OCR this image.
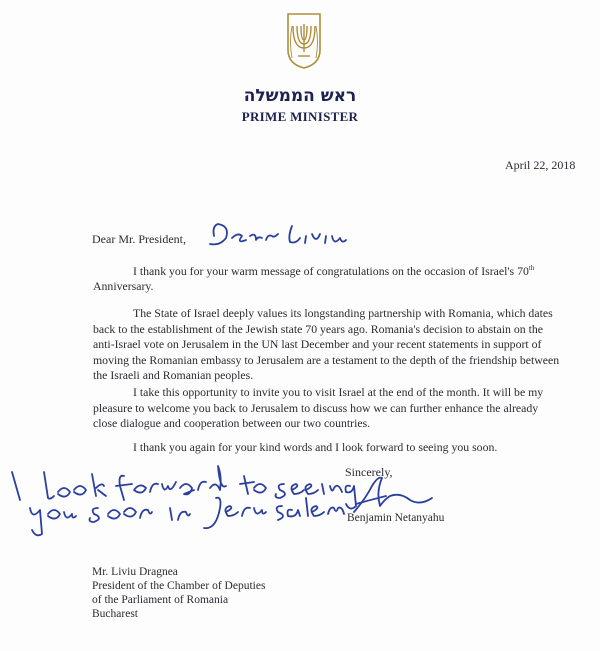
ראש הממשלה
PRIME MINISTER
April 22, 2018
Dear Mr. President,
I thank you for your warm message of congratulations on the occasion of Israel's 70th Anniversary.
The State of Israel deeply values its longstanding partnership with Romania, which dates back to the establishment of the Jewish state 70 years ago. Romania's decision to abstain on the anti-Israel vote on Jerusalem in the UN last December and your recent statements in support of moving the Romanian embassy to Jerusalem are a testament to the depth of the friendship between the Israeli and Romanian peoples.
I take this opportunity to invite you to visit Israel at the end of the month. It will be my pleasure to welcome you back to Jerusalem to discuss how we can further enhance the already close dialogue and cooperation between our two countries.
I thank you again for your kind words and I look forward to seeing you soon.
Sincerely,
Benjamin Netanyahu
Mr. Liviu Dragnea
President of the Chamber of Deputies
of the Parliament of Romania
Bucharest
